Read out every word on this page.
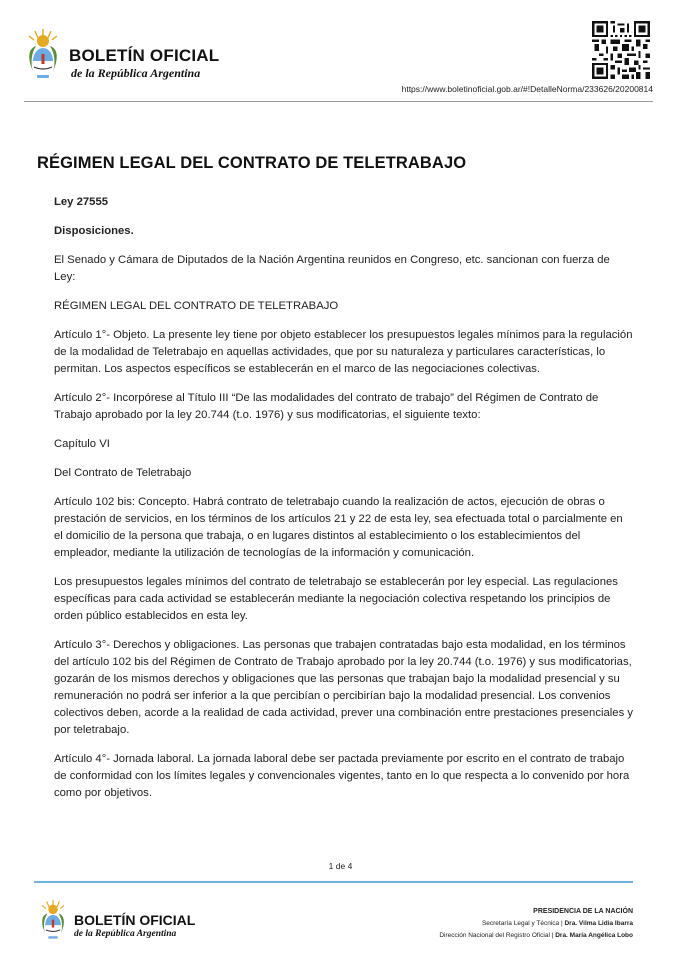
BOLETÍN OFICIAL
de la República Argentina
https://www.boletinoficial.gob.ar/#!DetalleNorma/233626/20200814
RÉGIMEN LEGAL DEL CONTRATO DE TELETRABAJO

Ley 27555

Disposiciones.

El Senado y Cámara de Diputados de la Nación Argentina reunidos en Congreso, etc. sancionan con fuerza de Ley:

RÉGIMEN LEGAL DEL CONTRATO DE TELETRABAJO

Artículo 1°- Objeto. La presente ley tiene por objeto establecer los presupuestos legales mínimos para la regulación de la modalidad de Teletrabajo en aquellas actividades, que por su naturaleza y particulares características, lo permitan. Los aspectos específicos se establecerán en el marco de las negociaciones colectivas.

Artículo 2°- Incorpórese al Título III “De las modalidades del contrato de trabajo” del Régimen de Contrato de Trabajo aprobado por la ley 20.744 (t.o. 1976) y sus modificatorias, el siguiente texto:

Capítulo VI

Del Contrato de Teletrabajo

Artículo 102 bis: Concepto. Habrá contrato de teletrabajo cuando la realización de actos, ejecución de obras o prestación de servicios, en los términos de los artículos 21 y 22 de esta ley, sea efectuada total o parcialmente en el domicilio de la persona que trabaja, o en lugares distintos al establecimiento o los establecimientos del empleador, mediante la utilización de tecnologías de la información y comunicación.

Los presupuestos legales mínimos del contrato de teletrabajo se establecerán por ley especial. Las regulaciones específicas para cada actividad se establecerán mediante la negociación colectiva respetando los principios de orden público establecidos en esta ley.

Artículo 3°- Derechos y obligaciones. Las personas que trabajen contratadas bajo esta modalidad, en los términos del artículo 102 bis del Régimen de Contrato de Trabajo aprobado por la ley 20.744 (t.o. 1976) y sus modificatorias, gozarán de los mismos derechos y obligaciones que las personas que trabajan bajo la modalidad presencial y su remuneración no podrá ser inferior a la que percibían o percibirían bajo la modalidad presencial. Los convenios colectivos deben, acorde a la realidad de cada actividad, prever una combinación entre prestaciones presenciales y por teletrabajo.

Artículo 4°- Jornada laboral. La jornada laboral debe ser pactada previamente por escrito en el contrato de trabajo de conformidad con los límites legales y convencionales vigentes, tanto en lo que respecta a lo convenido por hora como por objetivos.

1 de 4
BOLETÍN OFICIAL
de la República Argentina
PRESIDENCIA DE LA NACIÓN
Secretaría Legal y Técnica | Dra. Vilma Lidia Ibarra
Dirección Nacional del Registro Oficial | Dra. María Angélica Lobo
